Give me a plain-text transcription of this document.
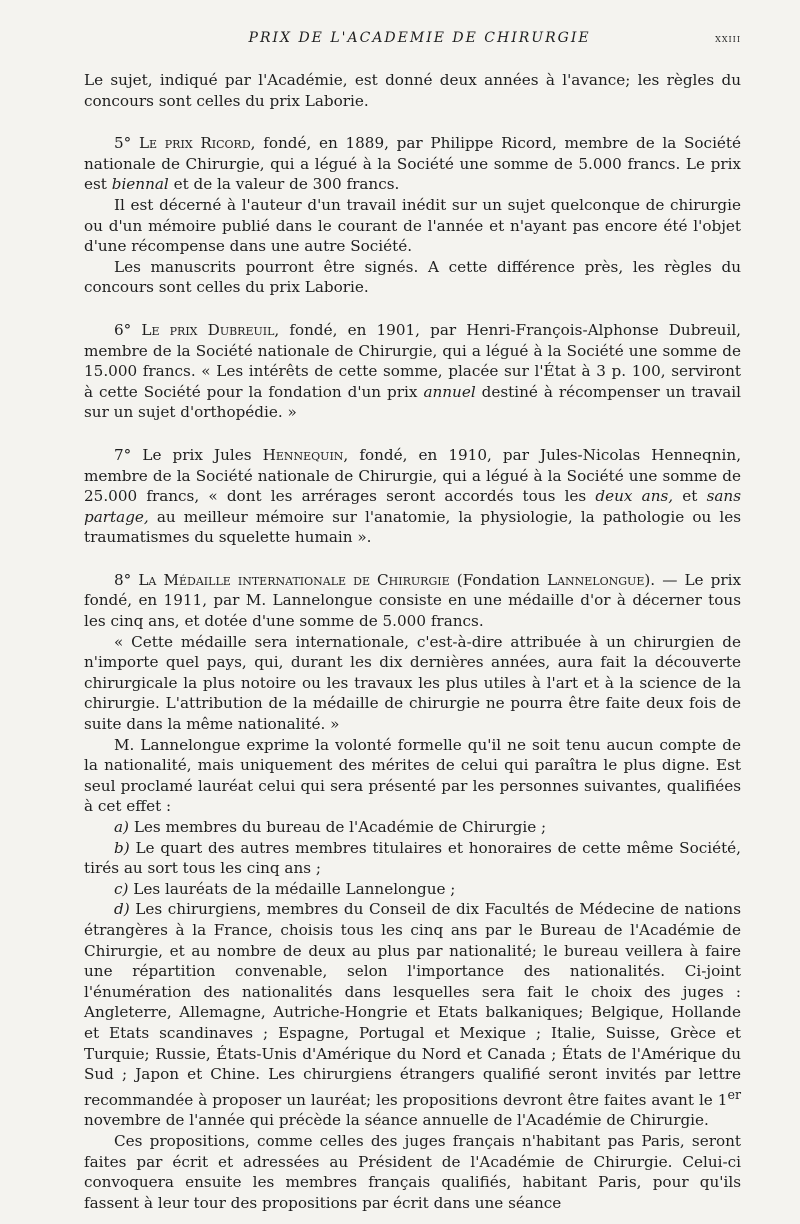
PRIX DE L'ACADEMIE DE CHIRURGIE	xxiii

Le sujet, indiqué par l'Académie, est donné deux années à l'avance; les règles du concours sont celles du prix Laborie.

5° Le prix Ricord, fondé, en 1889, par Philippe Ricord, membre de la Société nationale de Chirurgie, qui a légué à la Société une somme de 5.000 francs. Le prix est biennal et de la valeur de 300 francs.

Il est décerné à l'auteur d'un travail inédit sur un sujet quelconque de chirurgie ou d'un mémoire publié dans le courant de l'année et n'ayant pas encore été l'objet d'une récompense dans une autre Société.

Les manuscrits pourront être signés. A cette différence près, les règles du concours sont celles du prix Laborie.

6° Le prix Dubreuil, fondé, en 1901, par Henri-François-Alphonse Dubreuil, membre de la Société nationale de Chirurgie, qui a légué à la Société une somme de 15.000 francs. « Les intérêts de cette somme, placée sur l'État à 3 p. 100, serviront à cette Société pour la fondation d'un prix annuel destiné à récompenser un travail sur un sujet d'orthopédie. »

7° Le prix Jules Hennequin, fondé, en 1910, par Jules-Nicolas Henneqnin, membre de la Société nationale de Chirurgie, qui a légué à la Société une somme de 25.000 francs, « dont les arrérages seront accordés tous les deux ans, et sans partage, au meilleur mémoire sur l'anatomie, la physiologie, la pathologie ou les traumatismes du squelette humain ».

8° La Médaille internationale de Chirurgie (Fondation Lannelongue). — Le prix fondé, en 1911, par M. Lannelongue consiste en une médaille d'or à décerner tous les cinq ans, et dotée d'une somme de 5.000 francs.

« Cette médaille sera internationale, c'est-à-dire attribuée à un chirurgien de n'importe quel pays, qui, durant les dix dernières années, aura fait la découverte chirurgicale la plus notoire ou les travaux les plus utiles à l'art et à la science de la chirurgie. L'attribution de la médaille de chirurgie ne pourra être faite deux fois de suite dans la même nationalité. »

M. Lannelongue exprime la volonté formelle qu'il ne soit tenu aucun compte de la nationalité, mais uniquement des mérites de celui qui paraîtra le plus digne. Est seul proclamé lauréat celui qui sera présenté par les personnes suivantes, qualifiées à cet effet :

a) Les membres du bureau de l'Académie de Chirurgie ;

b) Le quart des autres membres titulaires et honoraires de cette même Société, tirés au sort tous les cinq ans ;

c) Les lauréats de la médaille Lannelongue ;

d) Les chirurgiens, membres du Conseil de dix Facultés de Médecine de nations étrangères à la France, choisis tous les cinq ans par le Bureau de l'Académie de Chirurgie, et au nombre de deux au plus par nationalité; le bureau veillera à faire une répartition convenable, selon l'importance des nationalités. Ci-joint l'énumération des nationalités dans lesquelles sera fait le choix des juges : Angleterre, Allemagne, Autriche-Hongrie et Etats balkaniques; Belgique, Hollande et Etats scandinaves ; Espagne, Portugal et Mexique ; Italie, Suisse, Grèce et Turquie; Russie, États-Unis d'Amérique du Nord et Canada ; États de l'Amérique du Sud ; Japon et Chine. Les chirurgiens étrangers qualifié seront invités par lettre recommandée à proposer un lauréat; les propositions devront être faites avant le 1er novembre de l'année qui précède la séance annuelle de l'Académie de Chirurgie.

Ces propositions, comme celles des juges français n'habitant pas Paris, seront faites par écrit et adressées au Président de l'Académie de Chirurgie. Celui-ci convoquera ensuite les membres français qualifiés, habitant Paris, pour qu'ils fassent à leur tour des propositions par écrit dans une séance
